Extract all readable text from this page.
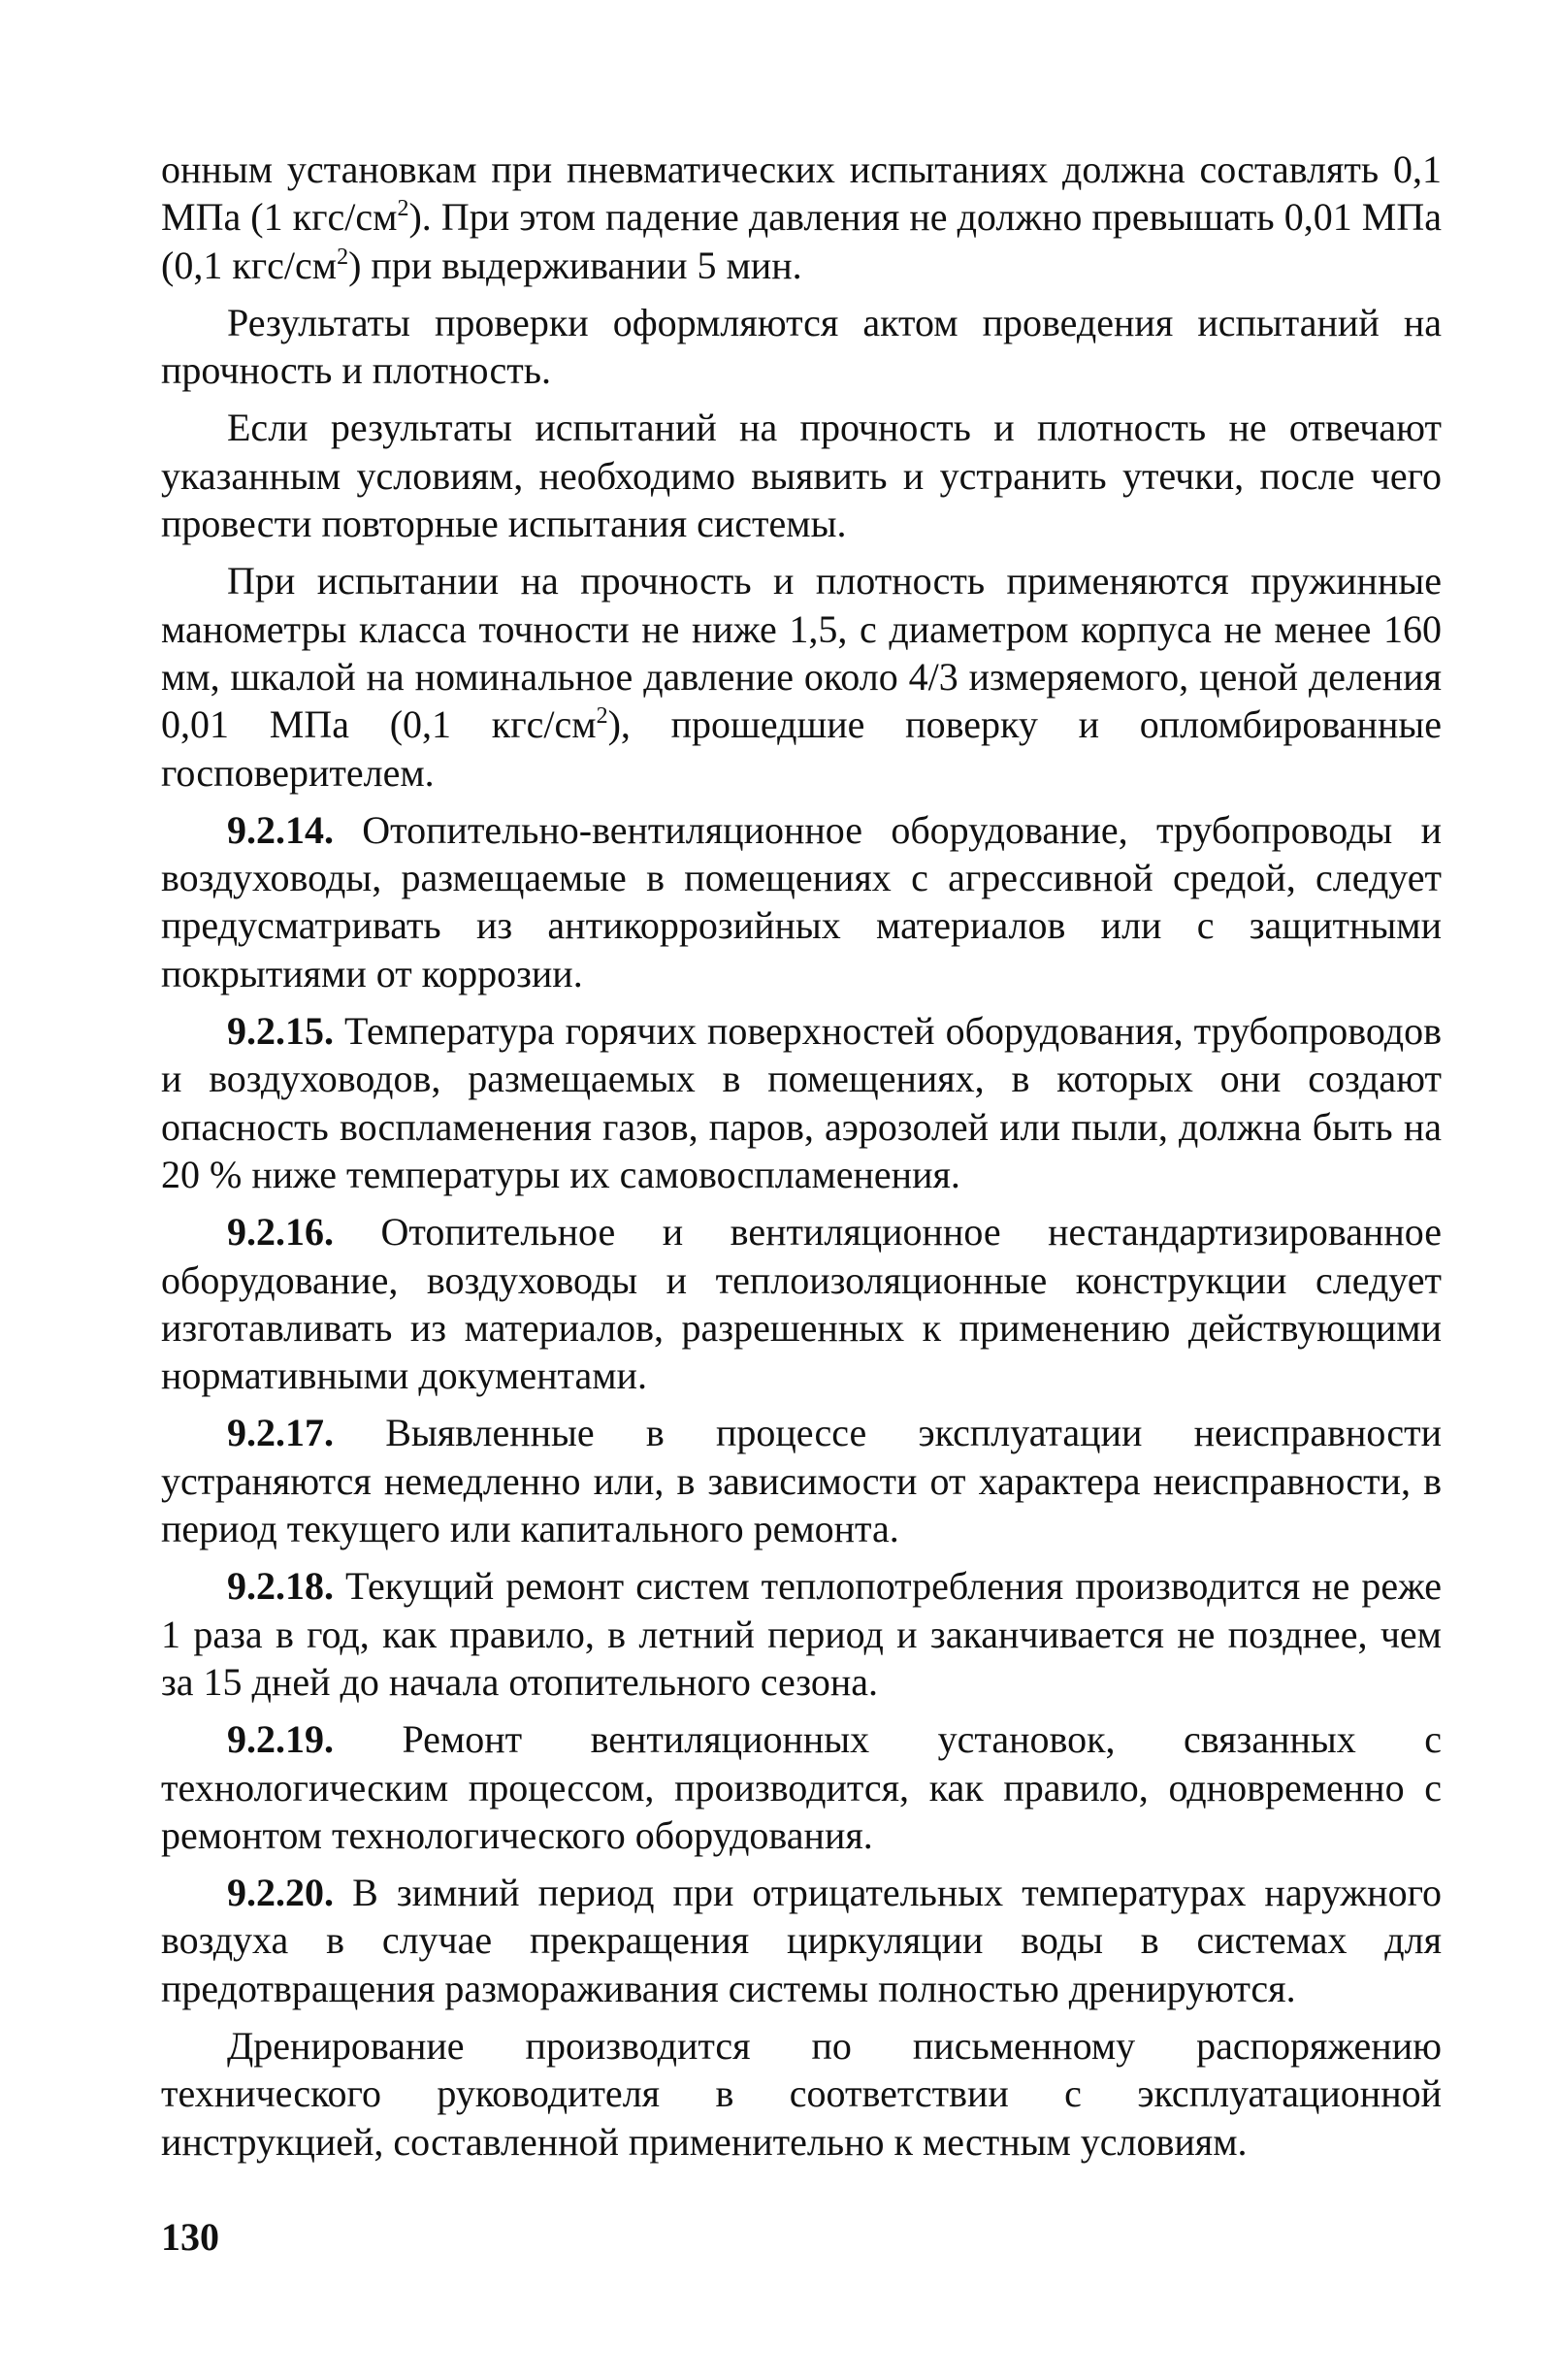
онным установкам при пневматических испытаниях должна составлять 0,1 МПа (1 кгс/$см^2$). При этом падение давления не должно превышать 0,01 МПа (0,1 кгс/$см^2$) при выдерживании 5 мин.

Результаты проверки оформляются актом проведения испытаний на прочность и плотность.

Если результаты испытаний на прочность и плотность не отвечают указанным условиям, необходимо выявить и устранить утечки, после чего провести повторные испытания системы.

При испытании на прочность и плотность применяются пружинные манометры класса точности не ниже 1,5, с диаметром корпуса не менее 160 мм, шкалой на номинальное давление около 4/3 измеряемого, ценой деления 0,01 МПа (0,1 кгс/$см^2$), прошедшие поверку и опломбированные госповерителем.

9.2.14. Отопительно-вентиляционное оборудование, трубопроводы и воздуховоды, размещаемые в помещениях с агрессивной средой, следует предусматривать из антикоррозийных материалов или с защитными покрытиями от коррозии.

9.2.15. Температура горячих поверхностей оборудования, трубопроводов и воздуховодов, размещаемых в помещениях, в которых они создают опасность воспламенения газов, паров, аэрозолей или пыли, должна быть на 20 % ниже температуры их самовоспламенения.

9.2.16. Отопительное и вентиляционное нестандартизированное оборудование, воздуховоды и теплоизоляционные конструкции следует изготавливать из материалов, разрешенных к применению действующими нормативными документами.

9.2.17. Выявленные в процессе эксплуатации неисправности устраняются немедленно или, в зависимости от характера неисправности, в период текущего или капитального ремонта.

9.2.18. Текущий ремонт систем теплопотребления производится не реже 1 раза в год, как правило, в летний период и заканчивается не позднее, чем за 15 дней до начала отопительного сезона.

9.2.19. Ремонт вентиляционных установок, связанных с технологическим процессом, производится, как правило, одновременно с ремонтом технологического оборудования.

9.2.20. В зимний период при отрицательных температурах наружного воздуха в случае прекращения циркуляции воды в системах для предотвращения размораживания системы полностью дренируются.

Дренирование производится по письменному распоряжению технического руководителя в соответствии с эксплуатационной инструкцией, составленной применительно к местным условиям.

130
